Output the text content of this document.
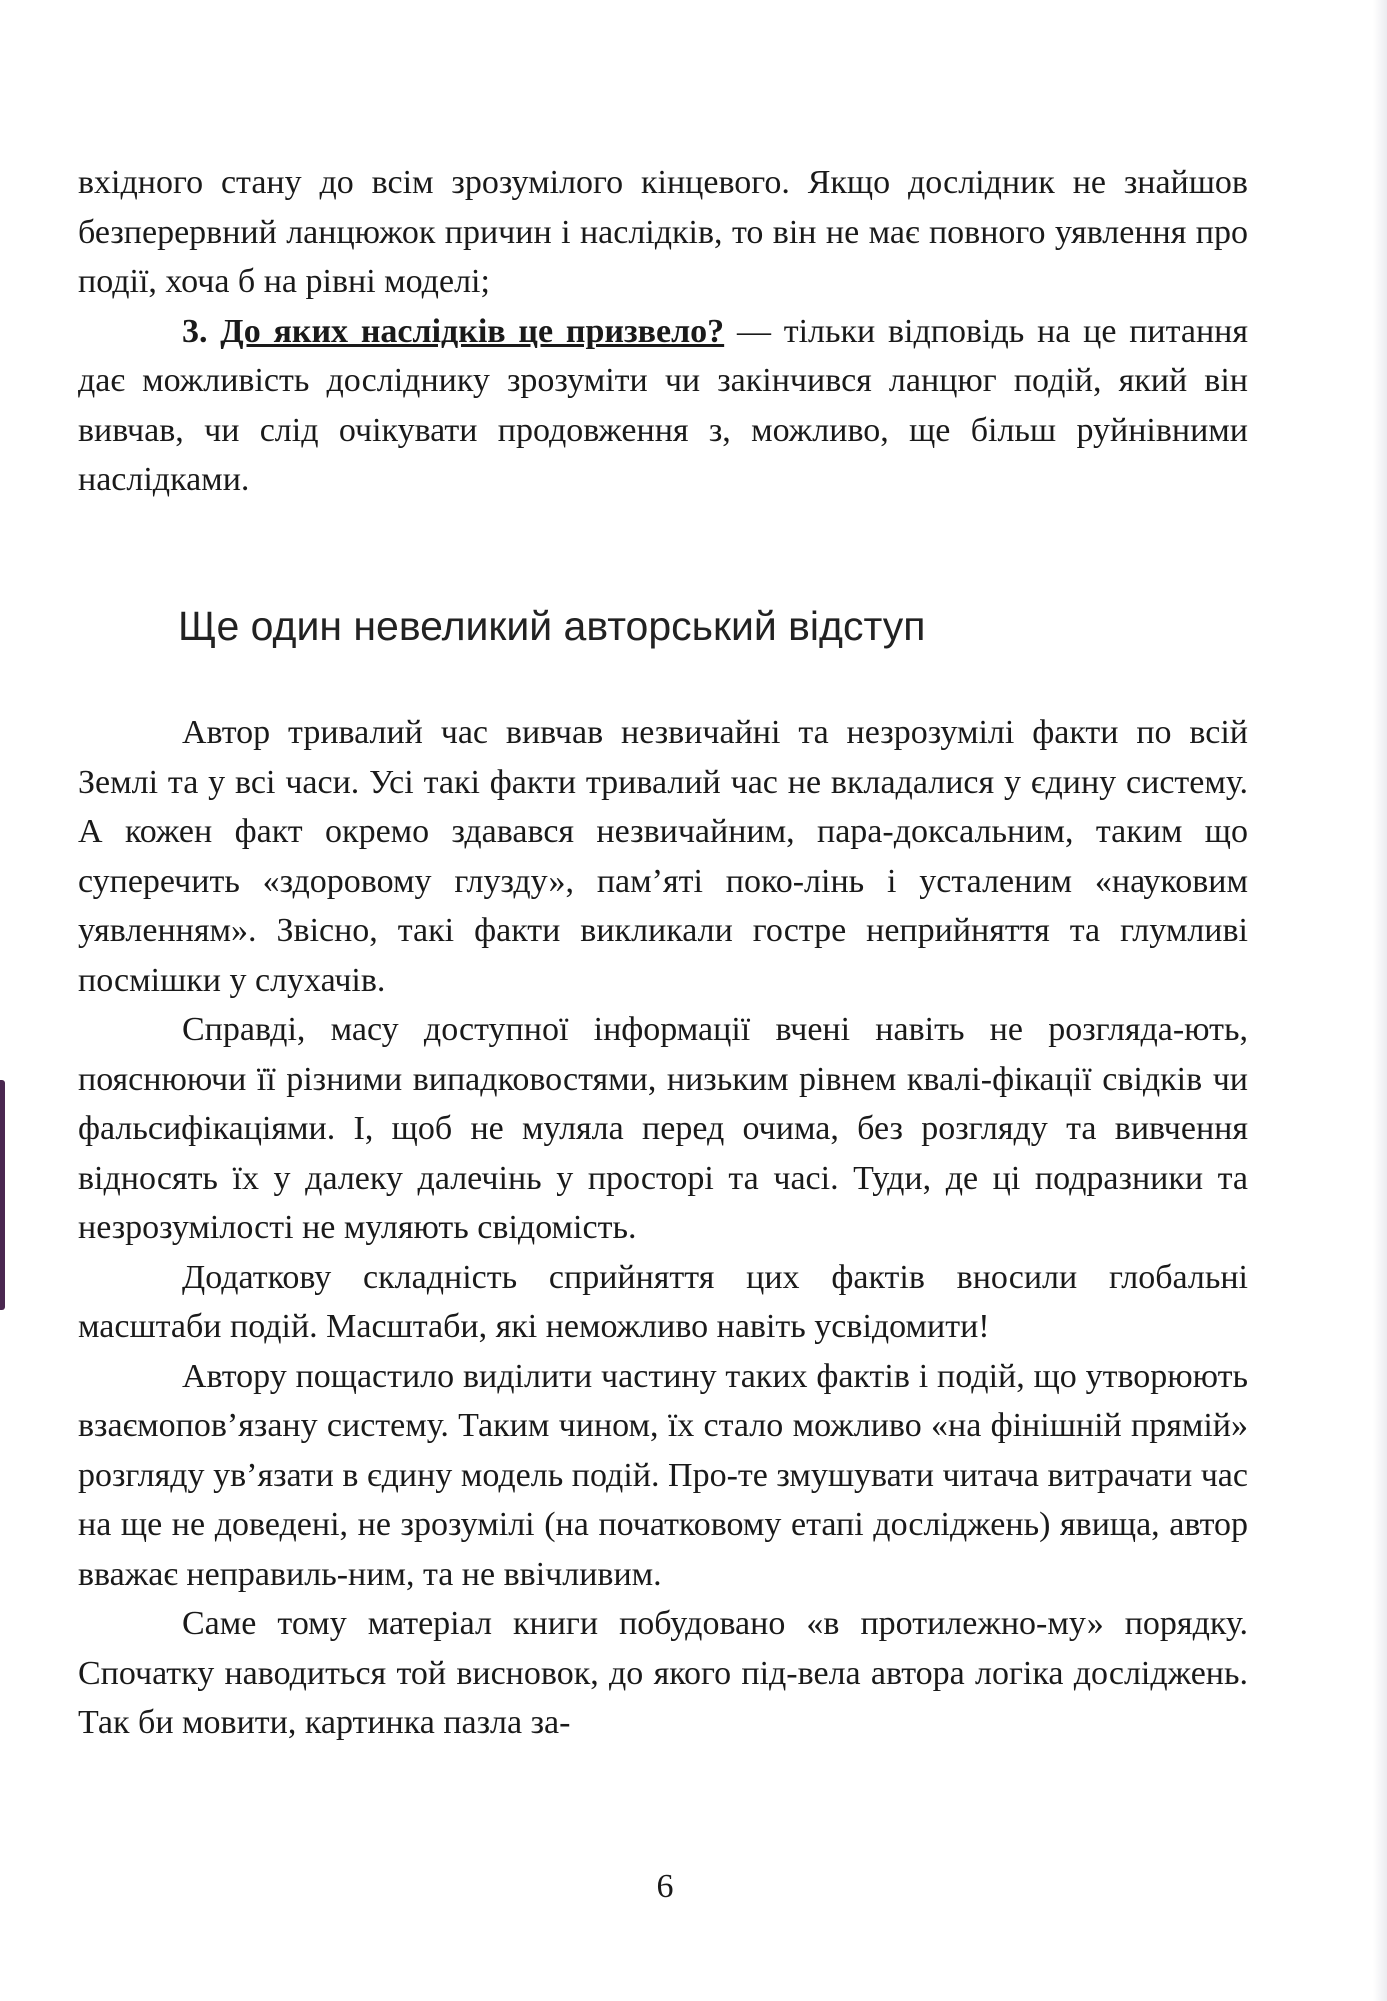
вхідного стану до всім зрозумілого кінцевого. Якщо дослідник не знайшов безперервний ланцюжок причин і наслідків, то він не має повного уявлення про події, хоча б на рівні моделі;

3. До яких наслідків це призвело? — тільки відповідь на це питання дає можливість досліднику зрозуміти чи закінчився ланцюг подій, який він вивчав, чи слід очікувати продовження з, можливо, ще більш руйнівними наслідками.

Ще один невеликий авторський відступ

Автор тривалий час вивчав незвичайні та незрозумілі факти по всій Землі та у всі часи. Усі такі факти тривалий час не вкладалися у єдину систему. А кожен факт окремо здавався незвичайним, пара-доксальним, таким що суперечить «здоровому глузду», пам’яті поко-лінь і усталеним «науковим уявленням». Звісно, такі факти викликали гостре неприйняття та глумливі посмішки у слухачів.

Справді, масу доступної інформації вчені навіть не розгляда-ють, пояснюючи її різними випадковостями, низьким рівнем квалі-фікації свідків чи фальсифікаціями. І, щоб не муляла перед очима, без розгляду та вивчення відносять їх у далеку далечінь у просторі та часі. Туди, де ці подразники та незрозумілості не муляють свідомість.

Додаткову складність сприйняття цих фактів вносили глобальні масштаби подій. Масштаби, які неможливо навіть усвідомити!

Автору пощастило виділити частину таких фактів і подій, що утворюють взаємопов’язану систему. Таким чином, їх стало можливо «на фінішній прямій» розгляду ув’язати в єдину модель подій. Про-те змушувати читача витрачати час на ще не доведені, не зрозумілі (на початковому етапі досліджень) явища, автор вважає неправиль-ним, та не ввічливим.

Саме тому матеріал книги побудовано «в протилежно-му» порядку. Спочатку наводиться той висновок, до якого під-вела автора логіка досліджень. Так би мовити, картинка пазла за-

6
